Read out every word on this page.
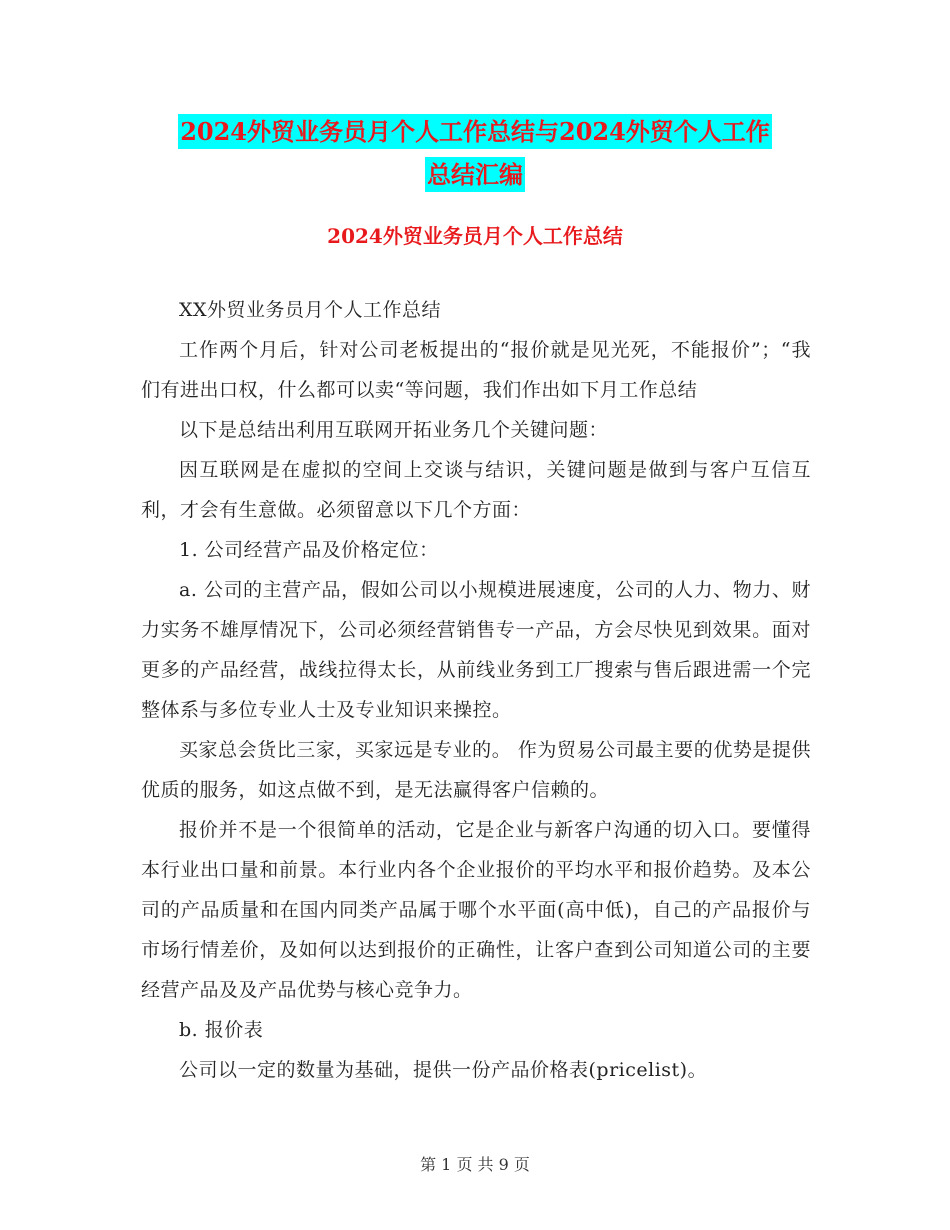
2024外贸业务员月个人工作总结与2024外贸个人工作
总结汇编
2024外贸业务员月个人工作总结

XX外贸业务员月个人工作总结

工作两个月后，针对公司老板提出的“报价就是见光死，不能报价”；“我们有进出口权，什么都可以卖“等问题，我们作出如下月工作总结

以下是总结出利用互联网开拓业务几个关键问题：

因互联网是在虚拟的空间上交谈与结识，关键问题是做到与客户互信互利，才会有生意做。必须留意以下几个方面：

1. 公司经营产品及价格定位：

a. 公司的主营产品，假如公司以小规模进展速度，公司的人力、物力、财力实务不雄厚情况下，公司必须经营销售专一产品，方会尽快见到效果。面对更多的产品经营，战线拉得太长，从前线业务到工厂搜索与售后跟进需一个完整体系与多位专业人士及专业知识来操控。

买家总会货比三家，买家远是专业的。 作为贸易公司最主要的优势是提供优质的服务，如这点做不到，是无法赢得客户信赖的。

报价并不是一个很简单的活动，它是企业与新客户沟通的切入口。要懂得本行业出口量和前景。本行业内各个企业报价的平均水平和报价趋势。及本公司的产品质量和在国内同类产品属于哪个水平面(高中低)，自己的产品报价与市场行情差价，及如何以达到报价的正确性，让客户查到公司知道公司的主要经营产品及及产品优势与核心竞争力。

b. 报价表

公司以一定的数量为基础，提供一份产品价格表(pricelist)。

第 1 页 共 9 页
